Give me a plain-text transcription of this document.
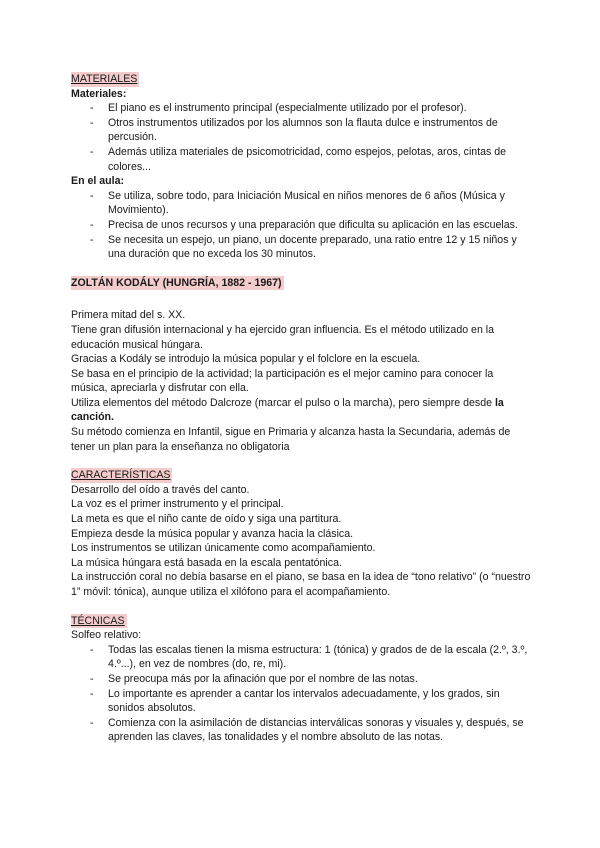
MATERIALES

Materiales:

- El piano es el instrumento principal (especialmente utilizado por el profesor).
- Otros instrumentos utilizados por los alumnos son la flauta dulce e instrumentos de percusión.
- Además utiliza materiales de psicomotricidad, como espejos, pelotas, aros, cintas de colores...

En el aula:

- Se utiliza, sobre todo, para Iniciación Musical en niños menores de 6 años (Música y Movimiento).
- Precisa de unos recursos y una preparación que dificulta su aplicación en las escuelas.
- Se necesita un espejo, un piano, un docente preparado, una ratio entre 12 y 15 niños y una duración que no exceda los 30 minutos.

ZOLTÁN KODÁLY (HUNGRÍA, 1882 - 1967)

Primera mitad del s. XX.

Tiene gran difusión internacional y ha ejercido gran influencia. Es el método utilizado en la educación musical húngara.

Gracias a Kodály se introdujo la música popular y el folclore en la escuela.

Se basa en el principio de la actividad; la participación es el mejor camino para conocer la música, apreciarla y disfrutar con ella.

Utiliza elementos del método Dalcroze (marcar el pulso o la marcha), pero siempre desde la canción.

Su método comienza en Infantil, sigue en Primaria y alcanza hasta la Secundaria, además de tener un plan para la enseñanza no obligatoria

CARACTERÍSTICAS

Desarrollo del oído a través del canto.

La voz es el primer instrumento y el principal.

La meta es que el niño cante de oído y siga una partitura.

Empieza desde la música popular y avanza hacia la clásica.

Los instrumentos se utilizan únicamente como acompañamiento.

La música húngara está basada en la escala pentatónica.

La instrucción coral no debía basarse en el piano, se basa en la idea de “tono relativo” (o “nuestro 1” móvil: tónica), aunque utiliza el xilófono para el acompañamiento.

TÉCNICAS

Solfeo relativo:

- Todas las escalas tienen la misma estructura: 1 (tónica) y grados de de la escala (2.º, 3.º, 4.º...), en vez de nombres (do, re, mi).
- Se preocupa más por la afinación que por el nombre de las notas.
- Lo importante es aprender a cantar los intervalos adecuadamente, y los grados, sin sonidos absolutos.
- Comienza con la asimilación de distancias interválicas sonoras y visuales y, después, se aprenden las claves, las tonalidades y el nombre absoluto de las notas.
